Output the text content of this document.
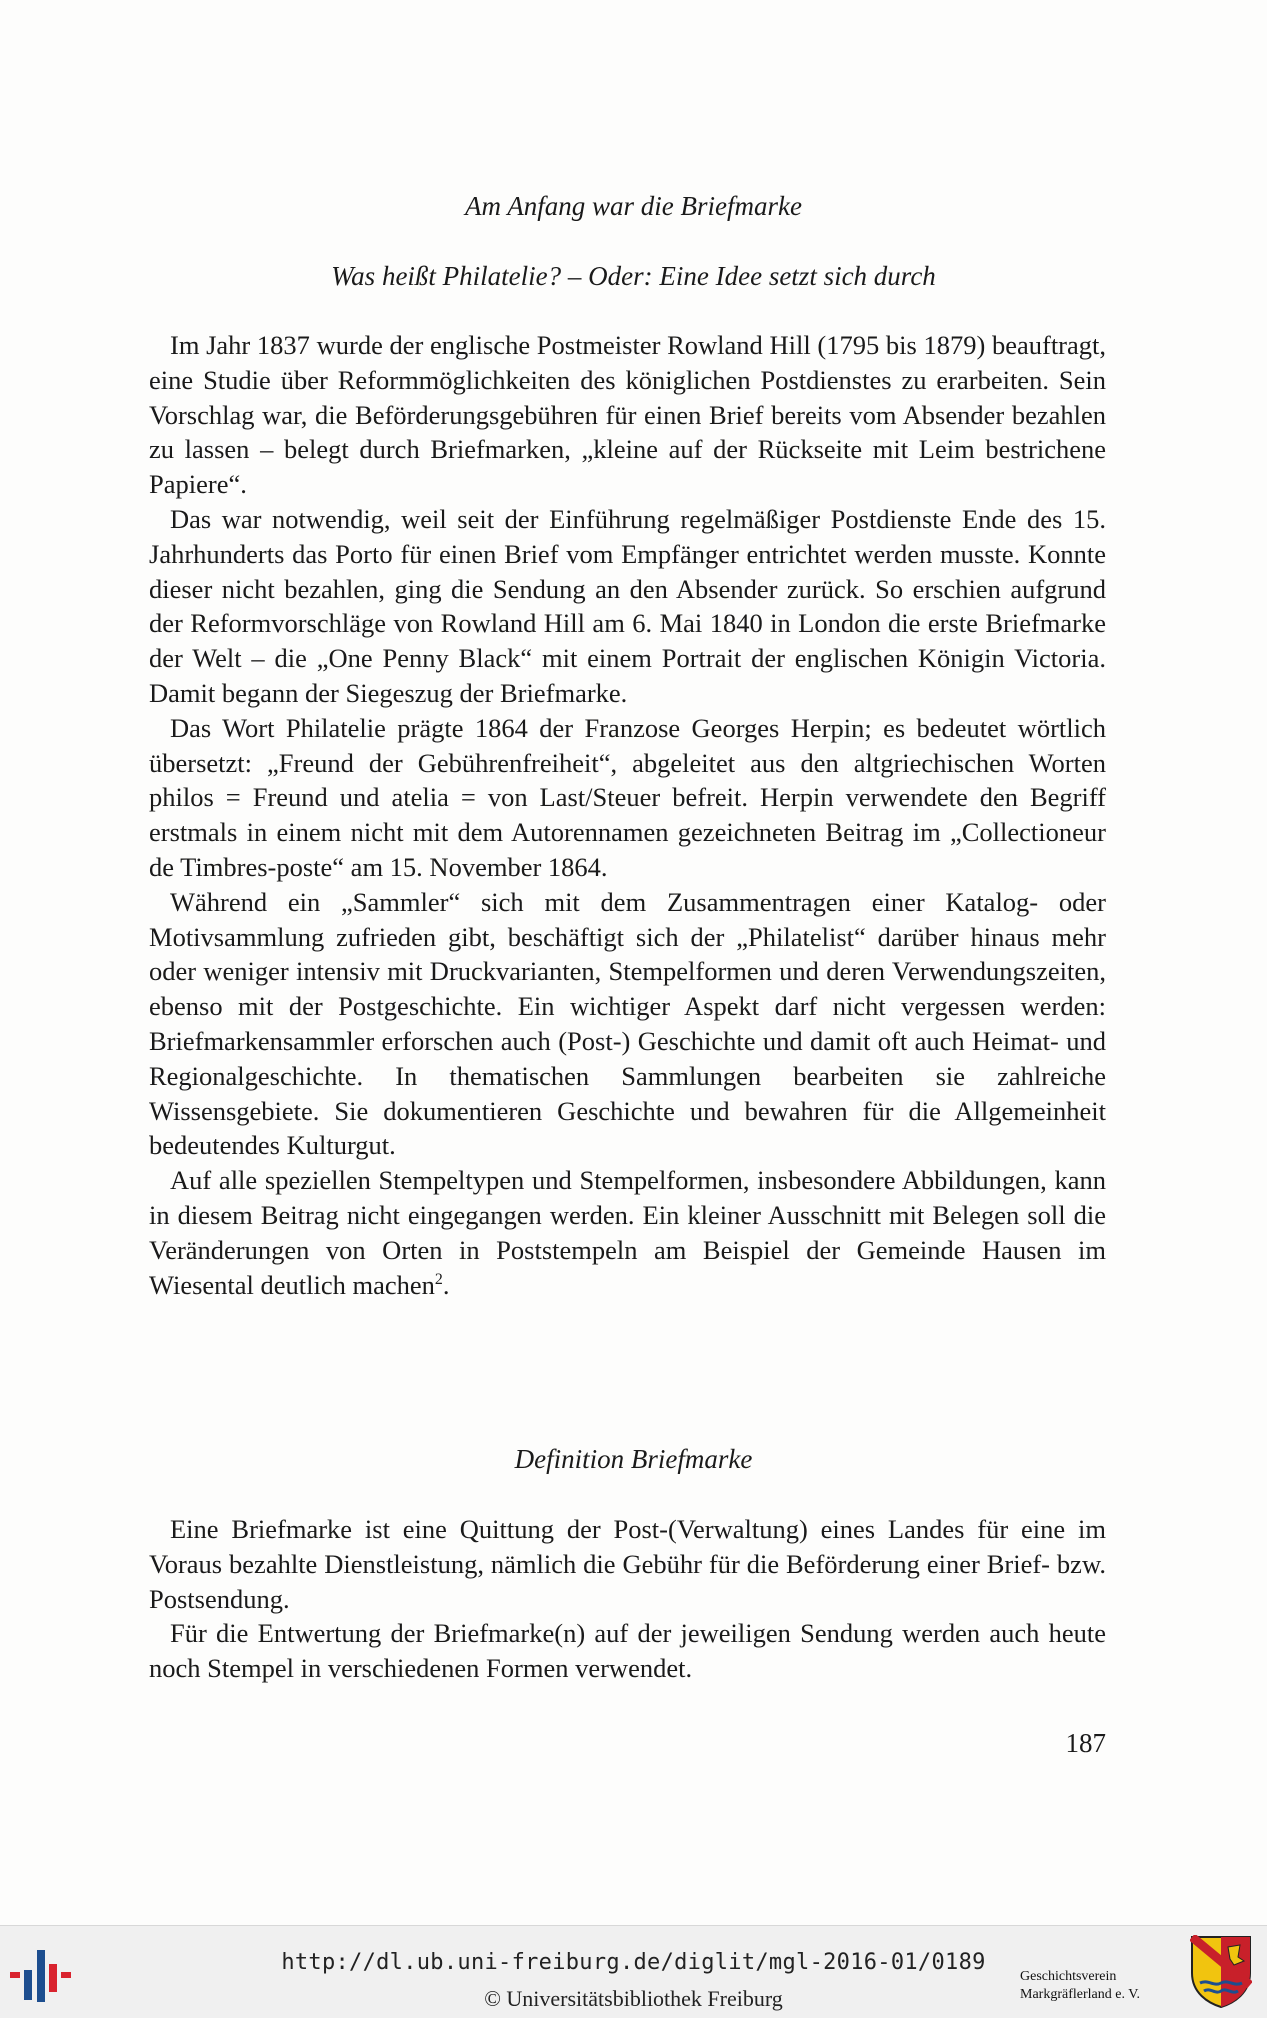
Am Anfang war die Briefmarke
Was heißt Philatelie? – Oder: Eine Idee setzt sich durch

Im Jahr 1837 wurde der englische Postmeister Rowland Hill (1795 bis 1879) beauftragt, eine Studie über Reformmöglichkeiten des königlichen Postdienstes zu erarbeiten. Sein Vorschlag war, die Beförderungsgebühren für einen Brief bereits vom Absender bezahlen zu lassen – belegt durch Briefmarken, „kleine auf der Rückseite mit Leim bestrichene Papiere“.

Das war notwendig, weil seit der Einführung regelmäßiger Postdienste Ende des 15. Jahrhunderts das Porto für einen Brief vom Empfänger entrichtet werden musste. Konnte dieser nicht bezahlen, ging die Sendung an den Absender zurück. So erschien aufgrund der Reformvorschläge von Rowland Hill am 6. Mai 1840 in London die erste Briefmarke der Welt – die „One Penny Black“ mit einem Portrait der englischen Königin Victoria. Damit begann der Siegeszug der Briefmarke.

Das Wort Philatelie prägte 1864 der Franzose Georges Herpin; es bedeutet wörtlich übersetzt: „Freund der Gebührenfreiheit“, abgeleitet aus den altgriechischen Worten philos = Freund und atelia = von Last/Steuer befreit. Herpin verwendete den Begriff erstmals in einem nicht mit dem Autorennamen gezeichneten Beitrag im „Collectioneur de Timbres-poste“ am 15. November 1864.

Während ein „Sammler“ sich mit dem Zusammentragen einer Katalog- oder Motivsammlung zufrieden gibt, beschäftigt sich der „Philatelist“ darüber hinaus mehr oder weniger intensiv mit Druckvarianten, Stempelformen und deren Verwendungszeiten, ebenso mit der Postgeschichte. Ein wichtiger Aspekt darf nicht vergessen werden: Briefmarkensammler erforschen auch (Post-) Geschichte und damit oft auch Heimat- und Regionalgeschichte. In thematischen Sammlungen bearbeiten sie zahlreiche Wissensgebiete. Sie dokumentieren Geschichte und bewahren für die Allgemeinheit bedeutendes Kulturgut.

Auf alle speziellen Stempeltypen und Stempelformen, insbesondere Abbildungen, kann in diesem Beitrag nicht eingegangen werden. Ein kleiner Ausschnitt mit Belegen soll die Veränderungen von Orten in Poststempeln am Beispiel der Gemeinde Hausen im Wiesental deutlich machen$^2$.

Definition Briefmarke

Eine Briefmarke ist eine Quittung der Post-(Verwaltung) eines Landes für eine im Voraus bezahlte Dienstleistung, nämlich die Gebühr für die Beförderung einer Brief- bzw. Postsendung.

Für die Entwertung der Briefmarke(n) auf der jeweiligen Sendung werden auch heute noch Stempel in verschiedenen Formen verwendet.

187
http://dl.ub.uni-freiburg.de/diglit/mgl-2016-01/0189
© Universitätsbibliothek Freiburg
Geschichtsverein
Markgräflerland e. V.
